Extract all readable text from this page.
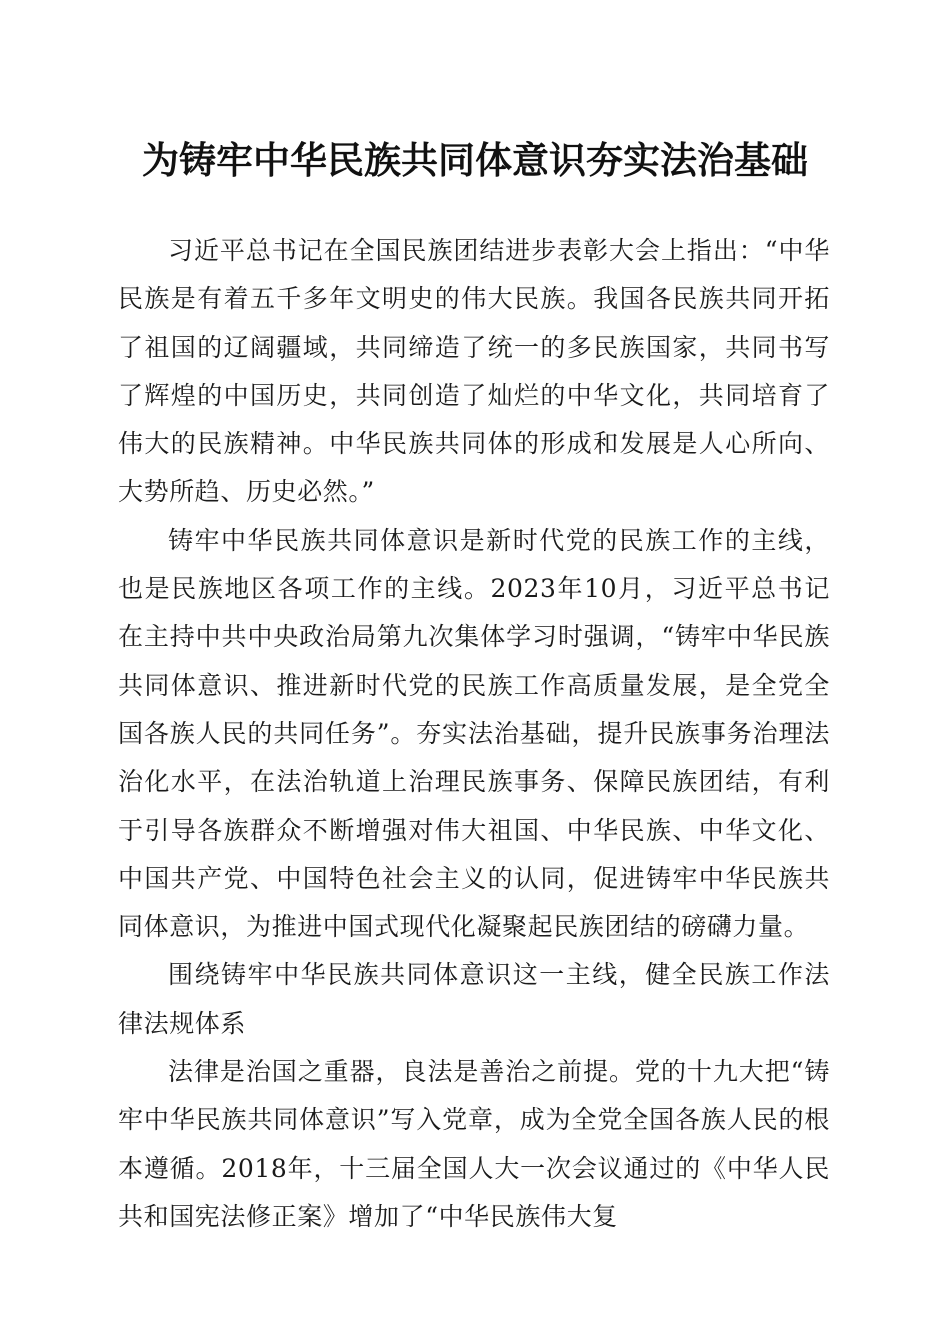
为铸牢中华民族共同体意识夯实法治基础

习近平总书记在全国民族团结进步表彰大会上指出：“中华民族是有着五千多年文明史的伟大民族。我国各民族共同开拓了祖国的辽阔疆域，共同缔造了统一的多民族国家，共同书写了辉煌的中国历史，共同创造了灿烂的中华文化，共同培育了伟大的民族精神。中华民族共同体的形成和发展是人心所向、大势所趋、历史必然。”

铸牢中华民族共同体意识是新时代党的民族工作的主线，也是民族地区各项工作的主线。2023年10月，习近平总书记在主持中共中央政治局第九次集体学习时强调，“铸牢中华民族共同体意识、推进新时代党的民族工作高质量发展，是全党全国各族人民的共同任务”。夯实法治基础，提升民族事务治理法治化水平，在法治轨道上治理民族事务、保障民族团结，有利于引导各族群众不断增强对伟大祖国、中华民族、中华文化、中国共产党、中国特色社会主义的认同，促进铸牢中华民族共同体意识，为推进中国式现代化凝聚起民族团结的磅礴力量。

围绕铸牢中华民族共同体意识这一主线，健全民族工作法律法规体系

法律是治国之重器，良法是善治之前提。党的十九大把“铸牢中华民族共同体意识”写入党章，成为全党全国各族人民的根本遵循。2018年，十三届全国人大一次会议通过的《中华人民共和国宪法修正案》增加了“中华民族伟大复
